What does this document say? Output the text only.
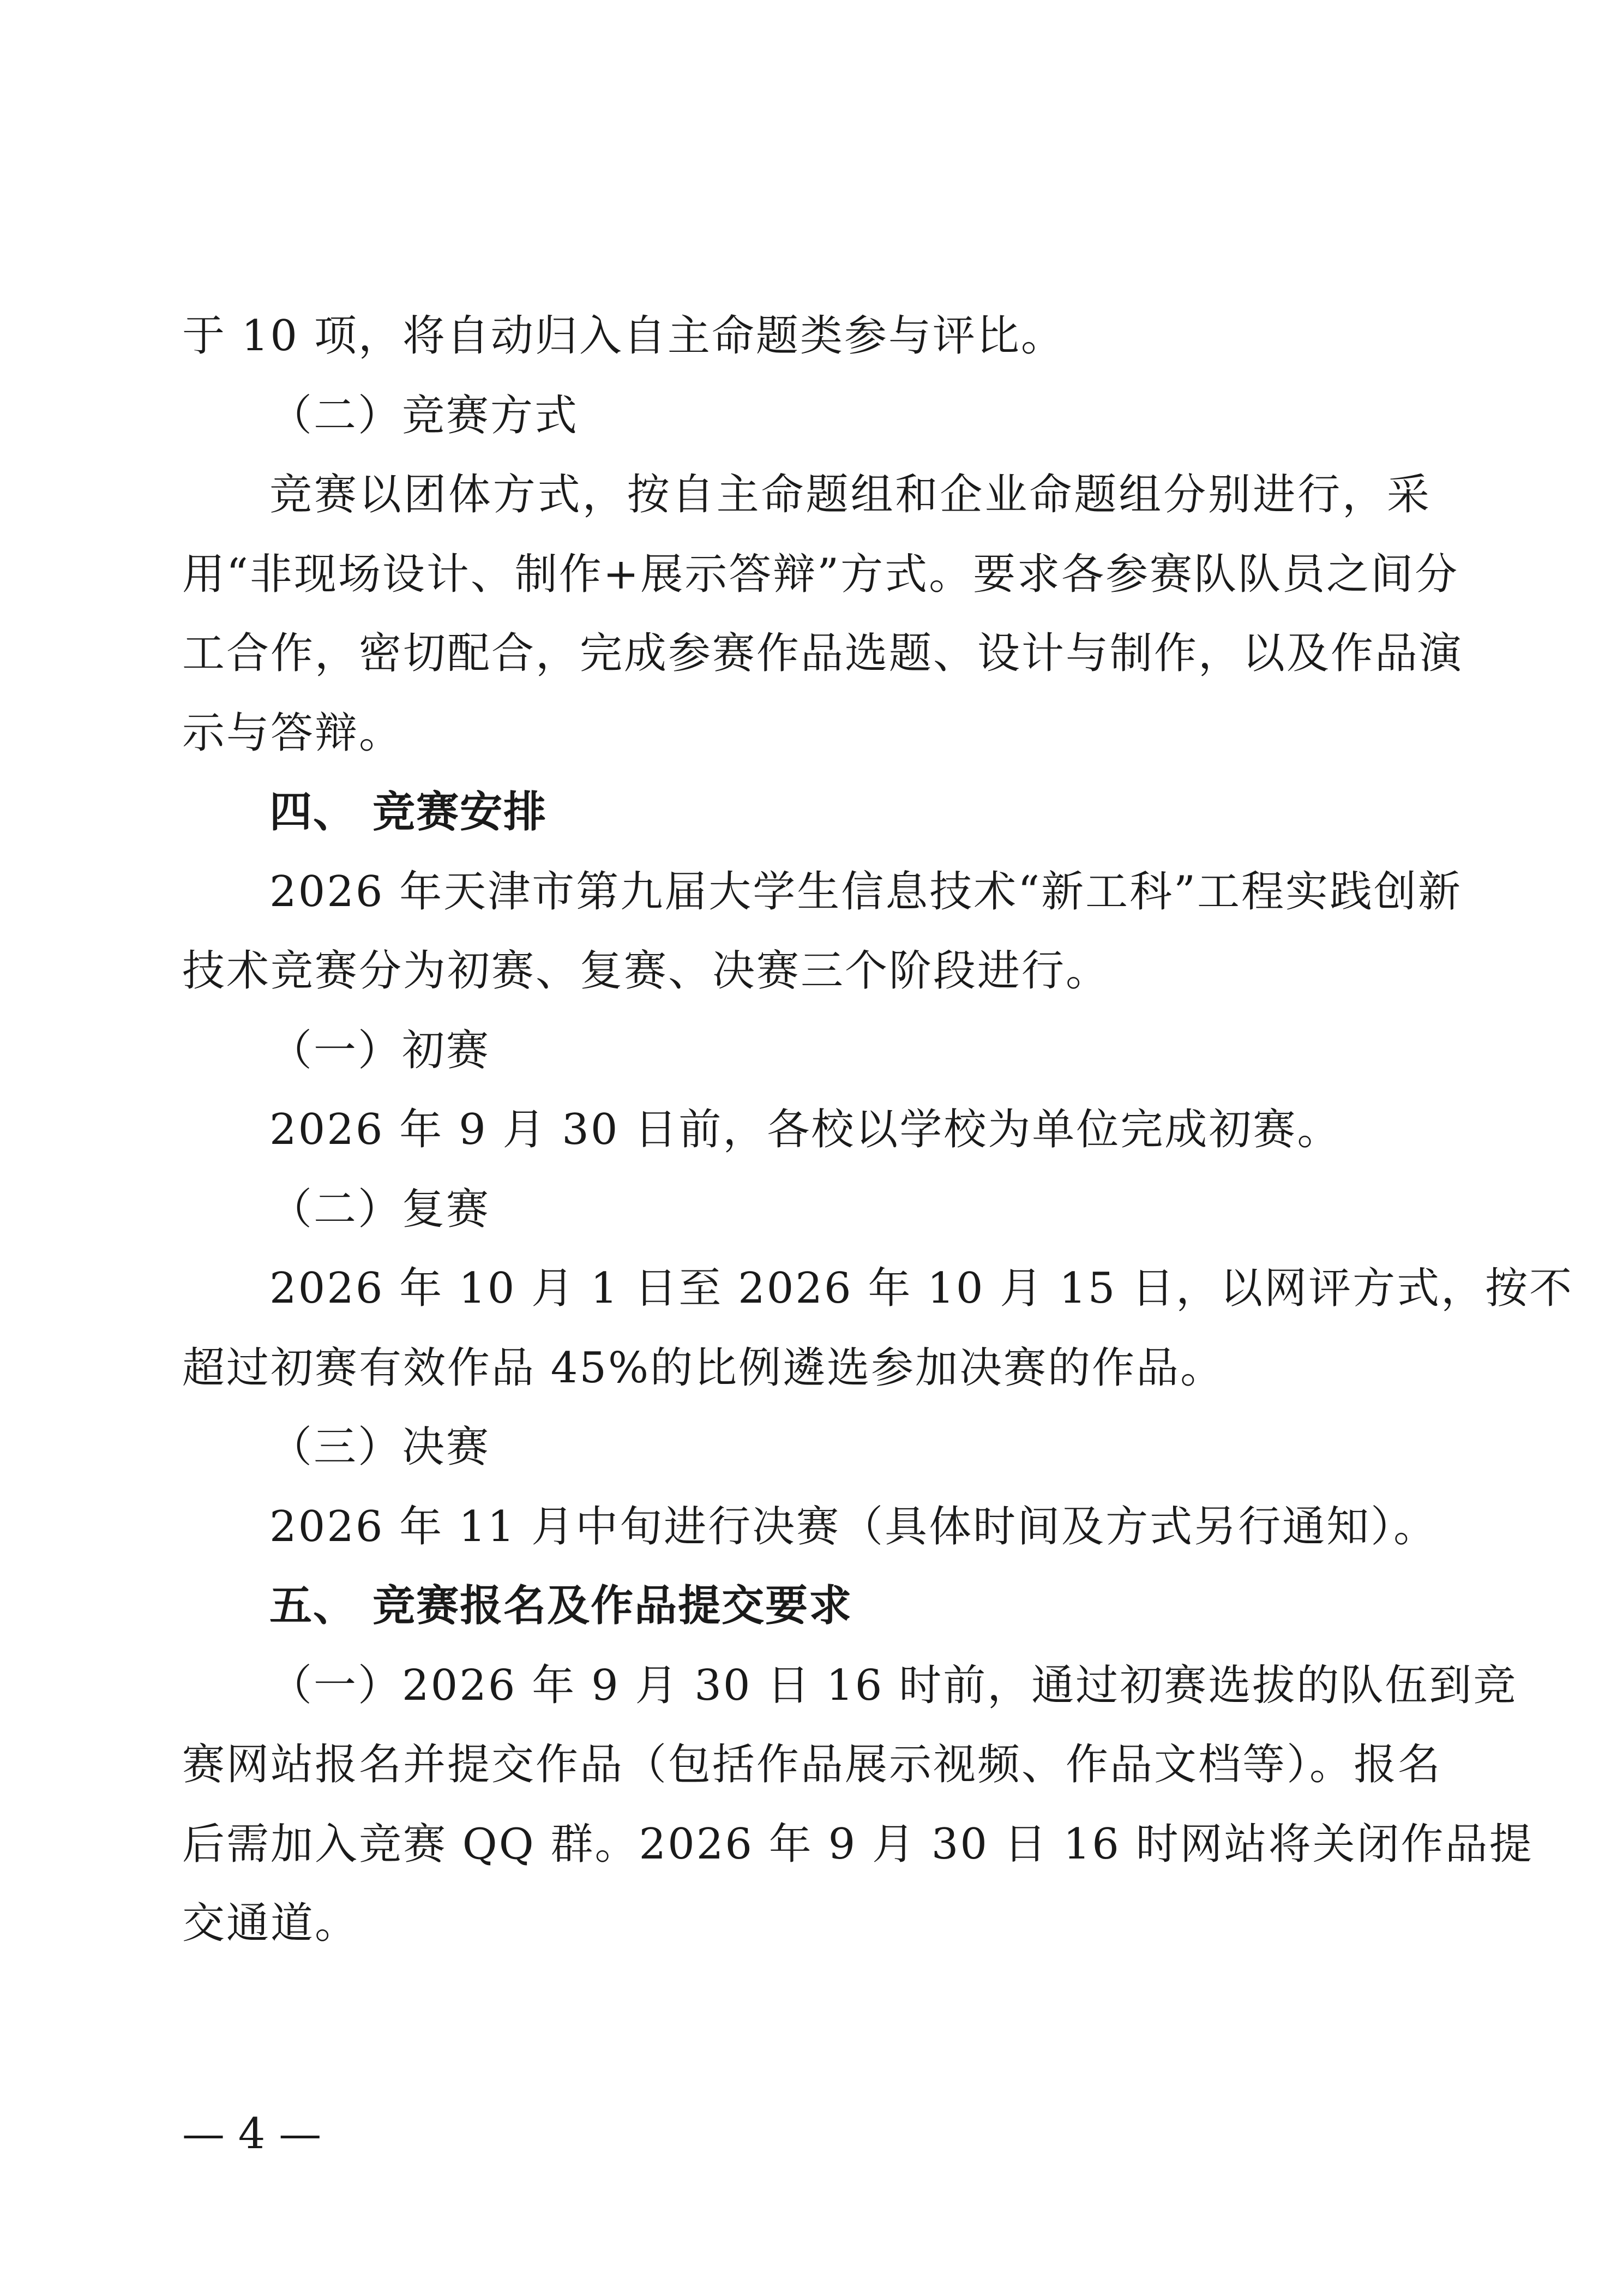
于 10 项，将自动归入自主命题类参与评比。
（二）竞赛方式
竞赛以团体方式，按自主命题组和企业命题组分别进行，采
用“非现场设计、制作+展示答辩”方式。要求各参赛队队员之间分
工合作，密切配合，完成参赛作品选题、设计与制作，以及作品演
示与答辩。
四、 竞赛安排
2026 年天津市第九届大学生信息技术“新工科”工程实践创新
技术竞赛分为初赛、复赛、决赛三个阶段进行。
（一）初赛
2026 年 9 月 30 日前，各校以学校为单位完成初赛。
（二）复赛
2026 年 10 月 1 日至 2026 年 10 月 15 日，以网评方式，按不
超过初赛有效作品 45%的比例遴选参加决赛的作品。
（三）决赛
2026 年 11 月中旬进行决赛（具体时间及方式另行通知）。
五、 竞赛报名及作品提交要求
（一）2026 年 9 月 30 日 16 时前，通过初赛选拔的队伍到竞
赛网站报名并提交作品（包括作品展示视频、作品文档等）。报名
后需加入竞赛 QQ 群。2026 年 9 月 30 日 16 时网站将关闭作品提
交通道。
— 4 —
